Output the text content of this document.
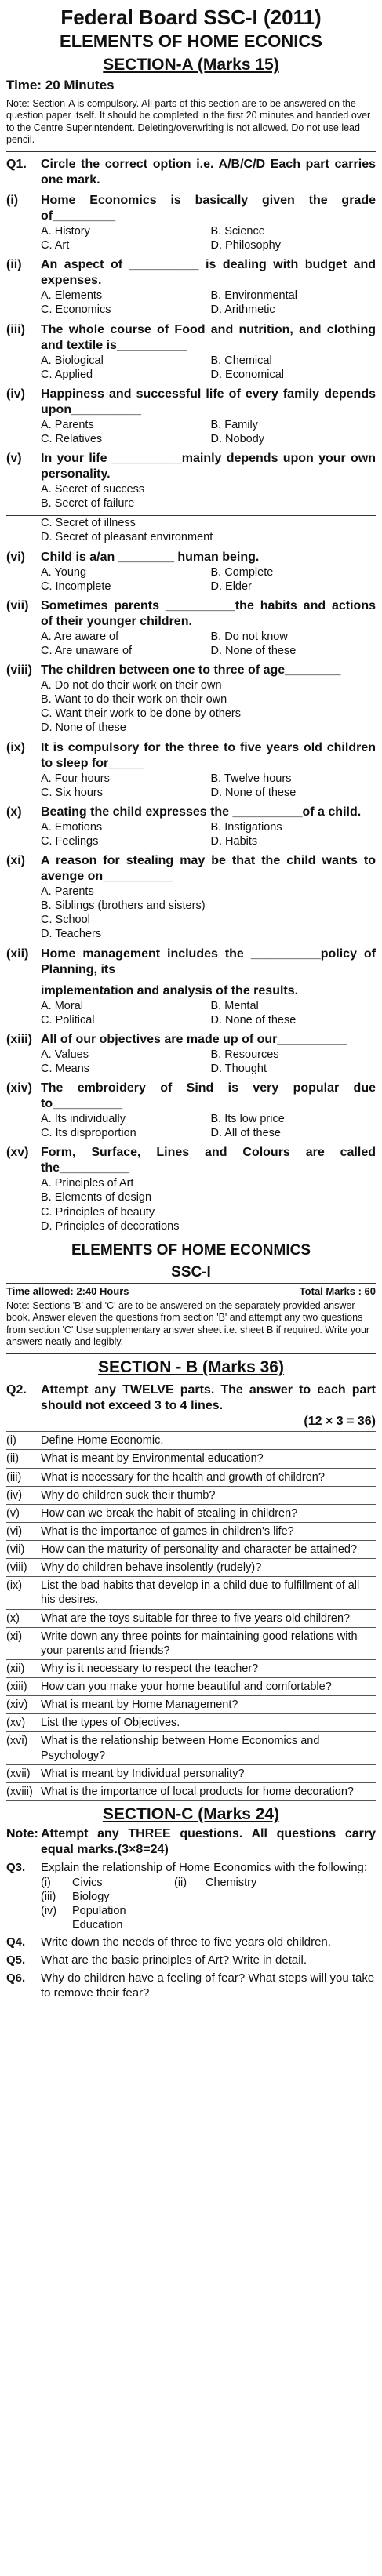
Federal Board SSC-I (2011)
ELEMENTS OF HOME ECONICS
SECTION-A (Marks 15)
Time: 20 Minutes
Note: Section-A is compulsory. All parts of this section are to be answered on the question paper itself. It should be completed in the first 20 minutes and handed over to the Centre Superintendent. Deleting/overwriting is not allowed. Do not use lead pencil.
Q1.	Circle the correct option i.e. A/B/C/D Each part carries one mark.
(i)	Home Economics is basically given the grade of_________
A. History	B. Science
C. Art	D. Philosophy
(ii)	An aspect of __________ is dealing with budget and expenses.
A. Elements	B. Environmental
C. Economics	D. Arithmetic
(iii)	The whole course of Food and nutrition, and clothing and textile is__________
A. Biological	B. Chemical
C. Applied	D. Economical
(iv)	Happiness and successful life of every family depends upon__________
A. Parents	B. Family
C. Relatives	D. Nobody
(v)	In your life __________mainly depends upon your own personality.
A. Secret of success
B. Secret of failure
C. Secret of illness
D. Secret of pleasant environment
(vi)	Child is a/an ________ human being.
A. Young	B. Complete
C. Incomplete	D. Elder
(vii) Sometimes parents __________the habits and actions of their younger children.
A. Are aware of	B. Do not know
C. Are unaware of	D. None of these
(viii) The children between one to three of age________
A. Do not do their work on their own
B. Want to do their work on their own
C. Want their work to be done by others
D. None of these
(ix)	It is compulsory for the three to five years old children to sleep for_____
A. Four hours	B. Twelve hours
C. Six hours	D. None of these
(x)	Beating the child expresses the __________of a child.
A. Emotions	B. Instigations
C. Feelings	D. Habits
(xi)	A reason for stealing may be that the child wants to avenge on__________
A. Parents
B. Siblings (brothers and sisters)
C. School
D. Teachers
(xii) Home management includes the __________policy of Planning, its
implementation and analysis of the results.
A. Moral	B. Mental
C. Political	D. None of these
(xiii) All of our objectives are made up of our__________
A. Values	B. Resources
C. Means	D. Thought
(xiv) The embroidery of Sind is very popular due to__________
A. Its individually	B. Its low price
C. Its disproportion	D. All of these
(xv) Form, Surface, Lines and Colours are called the__________
A. Principles of Art
B. Elements of design
C. Principles of beauty
D. Principles of decorations
ELEMENTS OF HOME ECONMICS
SSC-I
Time allowed: 2:40 Hours	Total Marks : 60
Note: Sections 'B' and 'C' are to be answered on the separately provided answer book. Answer eleven the questions from section 'B' and attempt any two questions from section 'C' Use supplementary answer sheet i.e. sheet B if required. Write your answers neatly and legibly.
SECTION - B (Marks 36)
Q2.	Attempt any TWELVE parts. The answer to each part should not exceed 3 to 4 lines.
(12 × 3 = 36)
(i)	Define Home Economic.
(ii)	What is meant by Environmental education?
(iii)	What is necessary for the health and growth of children?
(iv)	Why do children suck their thumb?
(v)	How can we break the habit of stealing in children?
(vi)	What is the importance of games in children's life?
(vii)	How can the maturity of personality and character be attained?
(viii)	Why do children behave insolently (rudely)?
(ix)	List the bad habits that develop in a child due to fulfillment of all his desires.
(x)	What are the toys suitable for three to five years old children?
(xi)	Write down any three points for maintaining good relations with your parents and friends?
(xii)	Why is it necessary to respect the teacher?
(xiii)	How can you make your home beautiful and comfortable?
(xiv)	What is meant by Home Management?
(xv)	List the types of Objectives.
(xvi)	What is the relationship between Home Economics and Psychology?
(xvii) What is meant by Individual personality?
(xviii) What is the importance of local products for home decoration?
SECTION-C (Marks 24)
Note: Attempt any THREE questions. All questions carry equal marks.(3×8=24)
Q3.	Explain the relationship of Home Economics with the following:
(i)	Civics	(ii)	Chemistry
(iii)	Biology
(iv)	Population Education
Q4.	Write down the needs of three to five years old children.
Q5.	What are the basic principles of Art? Write in detail.
Q6.	Why do children have a feeling of fear? What steps will you take to remove their fear?
